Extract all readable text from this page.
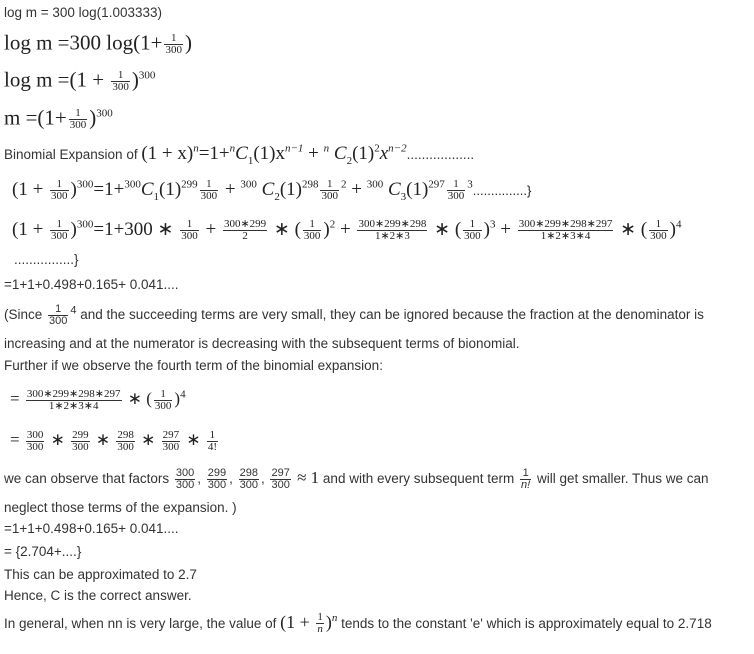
log m = 300 log(1.003333)
log m =300 $\log(1+ \frac{1}{300}$ )
$\log m =(1 + \frac{1}{300} )^{300}$
$m =(1+ \frac{1}{300} )^{300}$
Binomial Expansion of $(1 + x)^n=1+^nC_1(1)x^{n-1} + ^n$ $C_2(1)^2x^{n-2}$..................
$(1 + \frac{1}{300} )^{300}=1+^{300}C_1(1)^{299} \frac{1}{300} + ^{300}$ $C_2(1)^{298} \frac{1}{300} ^2 + ^{300}$ $C_3(1)^{297} \frac{1}{300} ^3$...............}
$(1 + \frac{1}{300} )^{300}=1+300$ ∗ $\frac{1}{300} + \frac{300∗299}{2}$ ∗ ( $\frac{1}{300} )^2 + \frac{300∗299∗298}{1∗2∗3}$ ∗ ( $\frac{1}{300} )^3 + \frac{300∗299∗298∗297}{1∗2∗3∗4}$ ∗ ( $\frac{1}{300} )^4$
................}
=1+1+0.498+0.165+ 0.041....
(Since $\frac{1}{300} ^4$ and the succeeding terms are very small, they can be ignored because the fraction at the denominator is
increasing and at the numerator is decreasing with the subsequent terms of bionomial.
Further if we observe the fourth term of the binomial expansion:
= $\frac{300∗299∗298∗297}{1∗2∗3∗4}$ ∗ ( $\frac{1}{300} )^4$
= $\frac{300}{300}$ ∗ $\frac{299}{300}$ ∗ $\frac{298}{300}$ ∗ $\frac{297}{300}$ ∗ $\frac{1}{4!}$
we can observe that factors $\frac{300}{300}$ , $\frac{299}{300}$ , $\frac{298}{300}$ , $\frac{297}{300} \approx 1$ and with every subsequent term $\frac{1}{n!}$ will get smaller. Thus we can
neglect those terms of the expansion. )
=1+1+0.498+0.165+ 0.041....
= {2.704+....}
This can be approximated to 2.7
Hence, C is the correct answer.
In general, when nn is very large, the value of $(1 + \frac{1}{n} )^n$ tends to the constant 'e' which is approximately equal to 2.718
